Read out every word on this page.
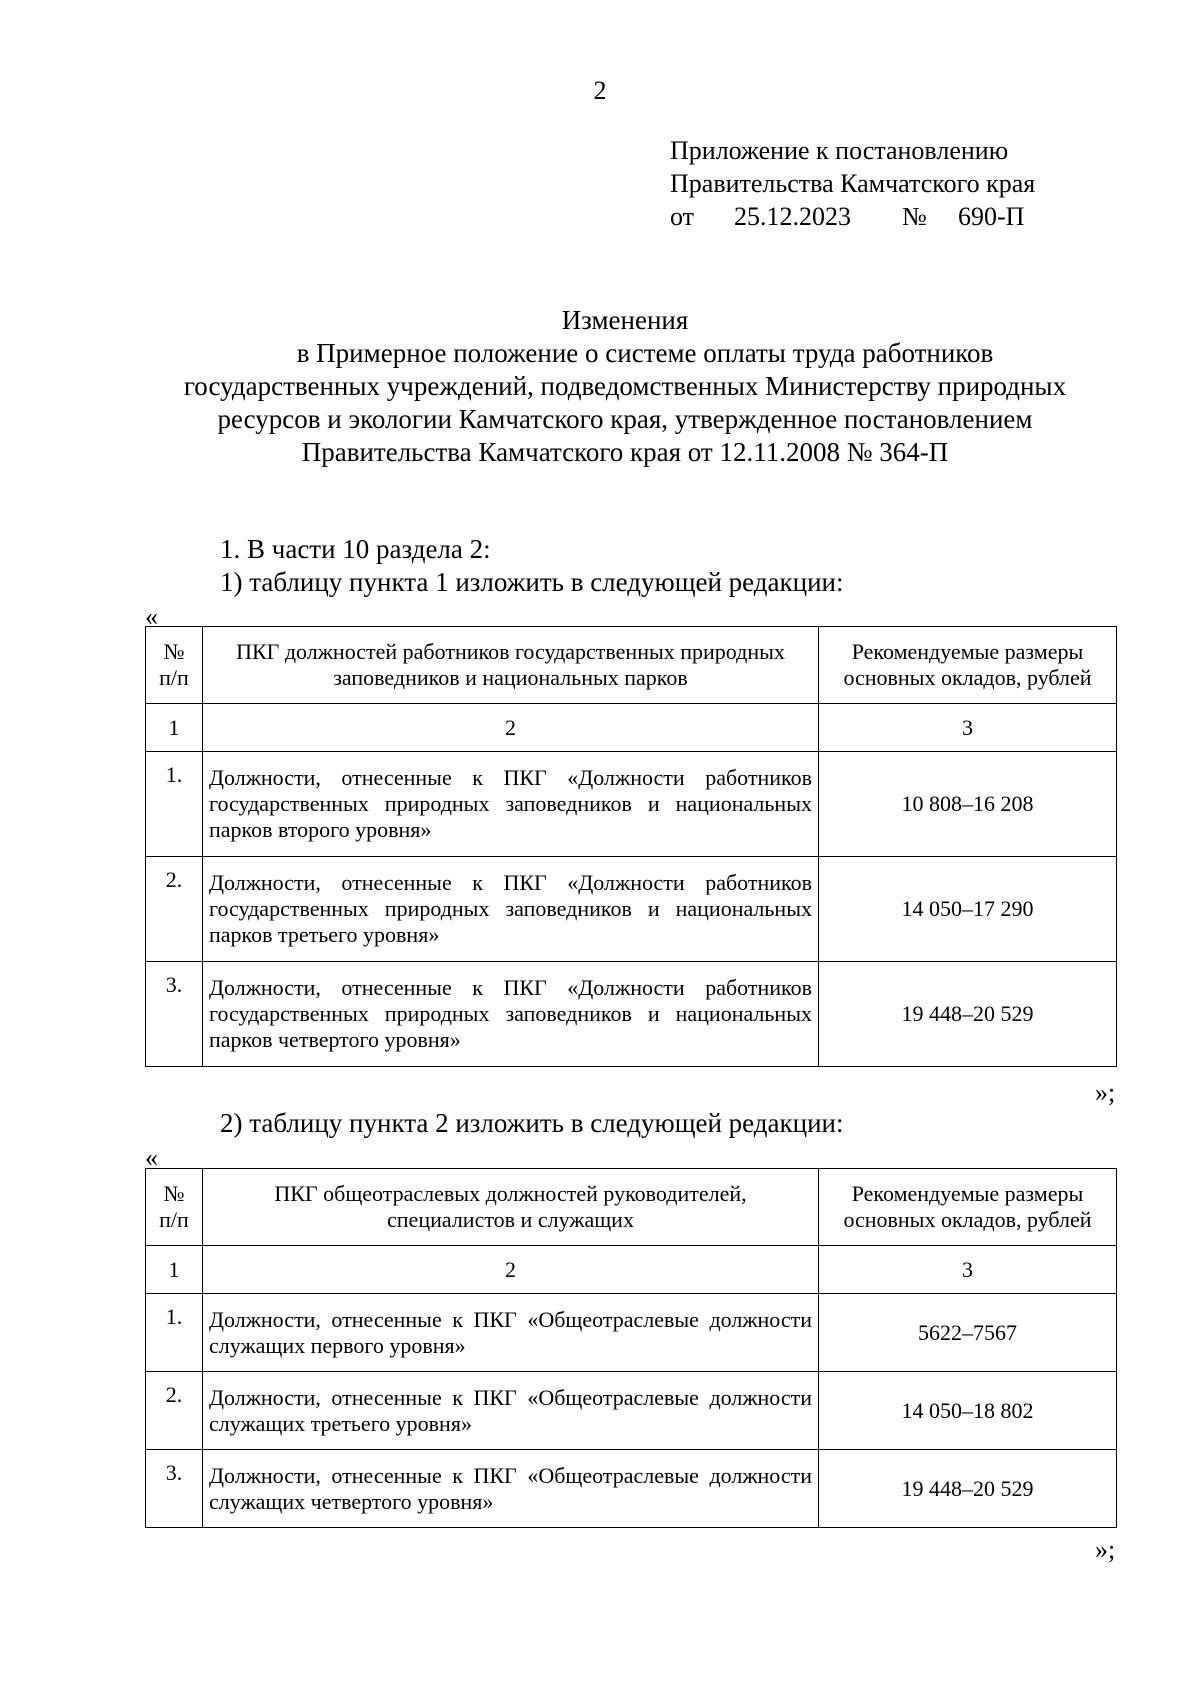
2
Приложение к постановлению
Правительства Камчатского края
от 25.12.2023 № 690-П
Изменения
в Примерное положение о системе оплаты труда работников
государственных учреждений, подведомственных Министерству природных
ресурсов и экологии Камчатского края, утвержденное постановлением
Правительства Камчатского края от 12.11.2008 № 364-П
1. В части 10 раздела 2:
1) таблицу пункта 1 изложить в следующей редакции:
«
№ п/п	ПКГ должностей работников государственных природных заповедников и национальных парков	Рекомендуемые размеры основных окладов, рублей
1	2	3
1.	Должности, отнесенные к ПКГ «Должности работников государственных природных заповедников и национальных парков второго уровня»	10 808–16 208
2.	Должности, отнесенные к ПКГ «Должности работников государственных природных заповедников и национальных парков третьего уровня»	14 050–17 290
3.	Должности, отнесенные к ПКГ «Должности работников государственных природных заповедников и национальных парков четвертого уровня»	19 448–20 529
»;
2) таблицу пункта 2 изложить в следующей редакции:
«
№ п/п	ПКГ общеотраслевых должностей руководителей, специалистов и служащих	Рекомендуемые размеры основных окладов, рублей
1	2	3
1.	Должности, отнесенные к ПКГ «Общеотраслевые должности служащих первого уровня»	5622–7567
2.	Должности, отнесенные к ПКГ «Общеотраслевые должности служащих третьего уровня»	14 050–18 802
3.	Должности, отнесенные к ПКГ «Общеотраслевые должности служащих четвертого уровня»	19 448–20 529
»;
